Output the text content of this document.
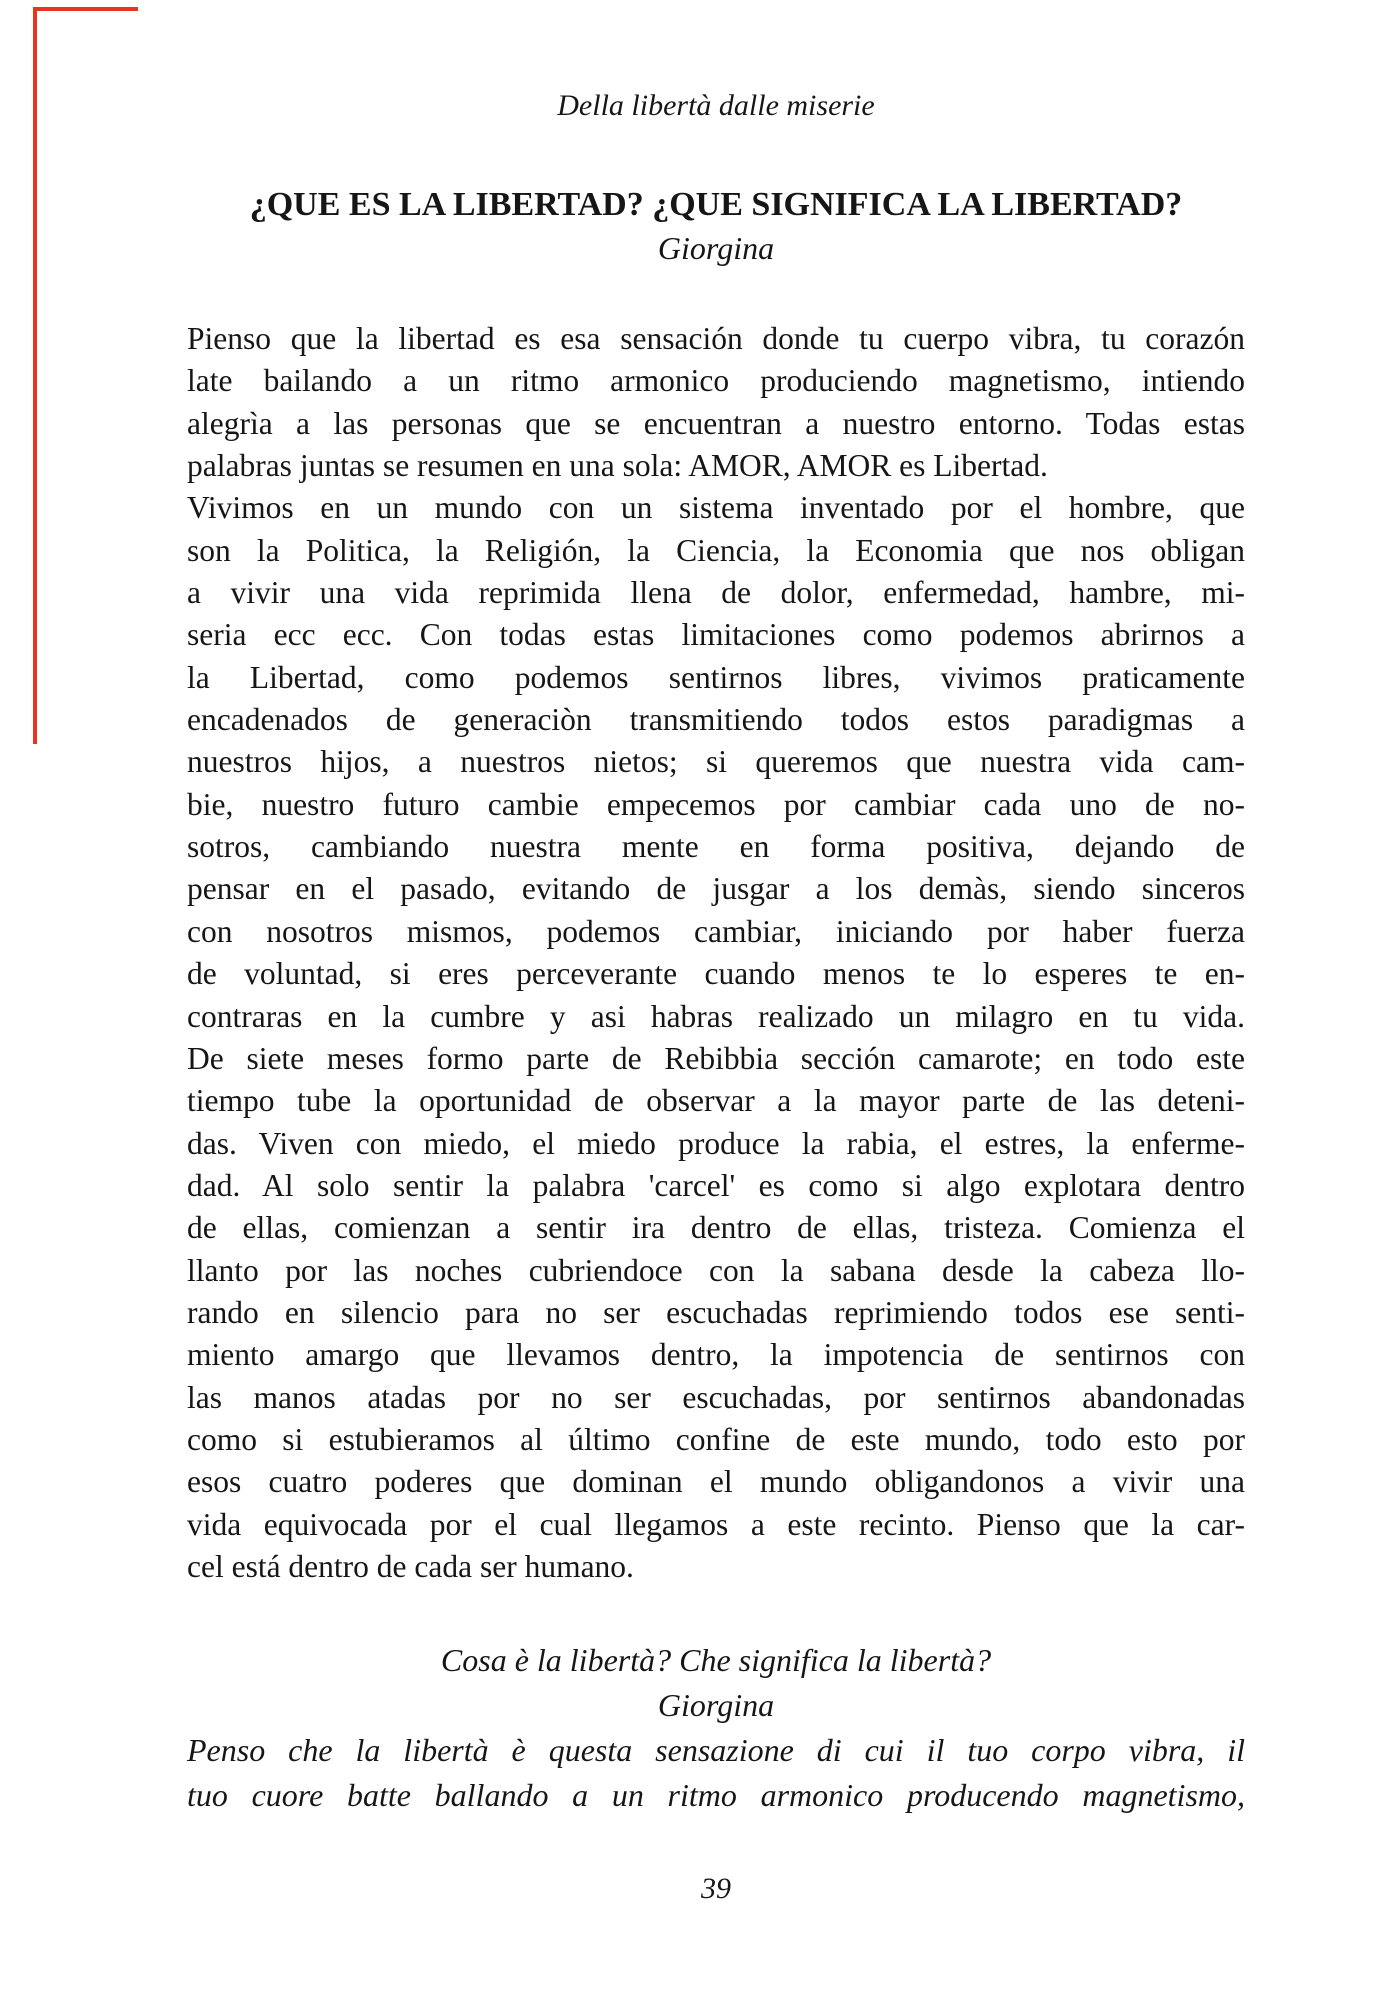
Della libertà dalle miserie
¿QUE ES LA LIBERTAD? ¿QUE SIGNIFICA LA LIBERTAD?
Giorgina
Pienso que la libertad es esa sensación donde tu cuerpo vibra, tu corazón
late bailando a un ritmo armonico produciendo magnetismo, intiendo
alegrìa a las personas que se encuentran a nuestro entorno. Todas estas
palabras juntas se resumen en una sola: AMOR, AMOR es Libertad.
Vivimos en un mundo con un sistema inventado por el hombre, que
son la Politica, la Religión, la Ciencia, la Economia que nos obligan
a vivir una vida reprimida llena de dolor, enfermedad, hambre, mi-
seria ecc ecc. Con todas estas limitaciones como podemos abrirnos a
la Libertad, como podemos sentirnos libres, vivimos praticamente
encadenados de generaciòn transmitiendo todos estos paradigmas a
nuestros hijos, a nuestros nietos; si queremos que nuestra vida cam-
bie, nuestro futuro cambie empecemos por cambiar cada uno de no-
sotros, cambiando nuestra mente en forma positiva, dejando de
pensar en el pasado, evitando de jusgar a los demàs, siendo sinceros
con nosotros mismos, podemos cambiar, iniciando por haber fuerza
de voluntad, si eres perceverante cuando menos te lo esperes te en-
contraras en la cumbre y asi habras realizado un milagro en tu vida.
De siete meses formo parte de Rebibbia sección camarote; en todo este
tiempo tube la oportunidad de observar a la mayor parte de las deteni-
das. Viven con miedo, el miedo produce la rabia, el estres, la enferme-
dad. Al solo sentir la palabra 'carcel' es como si algo explotara dentro
de ellas, comienzan a sentir ira dentro de ellas, tristeza. Comienza el
llanto por las noches cubriendoce con la sabana desde la cabeza llo-
rando en silencio para no ser escuchadas reprimiendo todos ese senti-
miento amargo que llevamos dentro, la impotencia de sentirnos con
las manos atadas por no ser escuchadas, por sentirnos abandonadas
como si estubieramos al último confine de este mundo, todo esto por
esos cuatro poderes que dominan el mundo obligandonos a vivir una
vida equivocada por el cual llegamos a este recinto. Pienso que la car-
cel está dentro de cada ser humano.
Cosa è la libertà? Che significa la libertà?
Giorgina
Penso che la libertà è questa sensazione di cui il tuo corpo vibra, il
tuo cuore batte ballando a un ritmo armonico producendo magnetismo,
39
